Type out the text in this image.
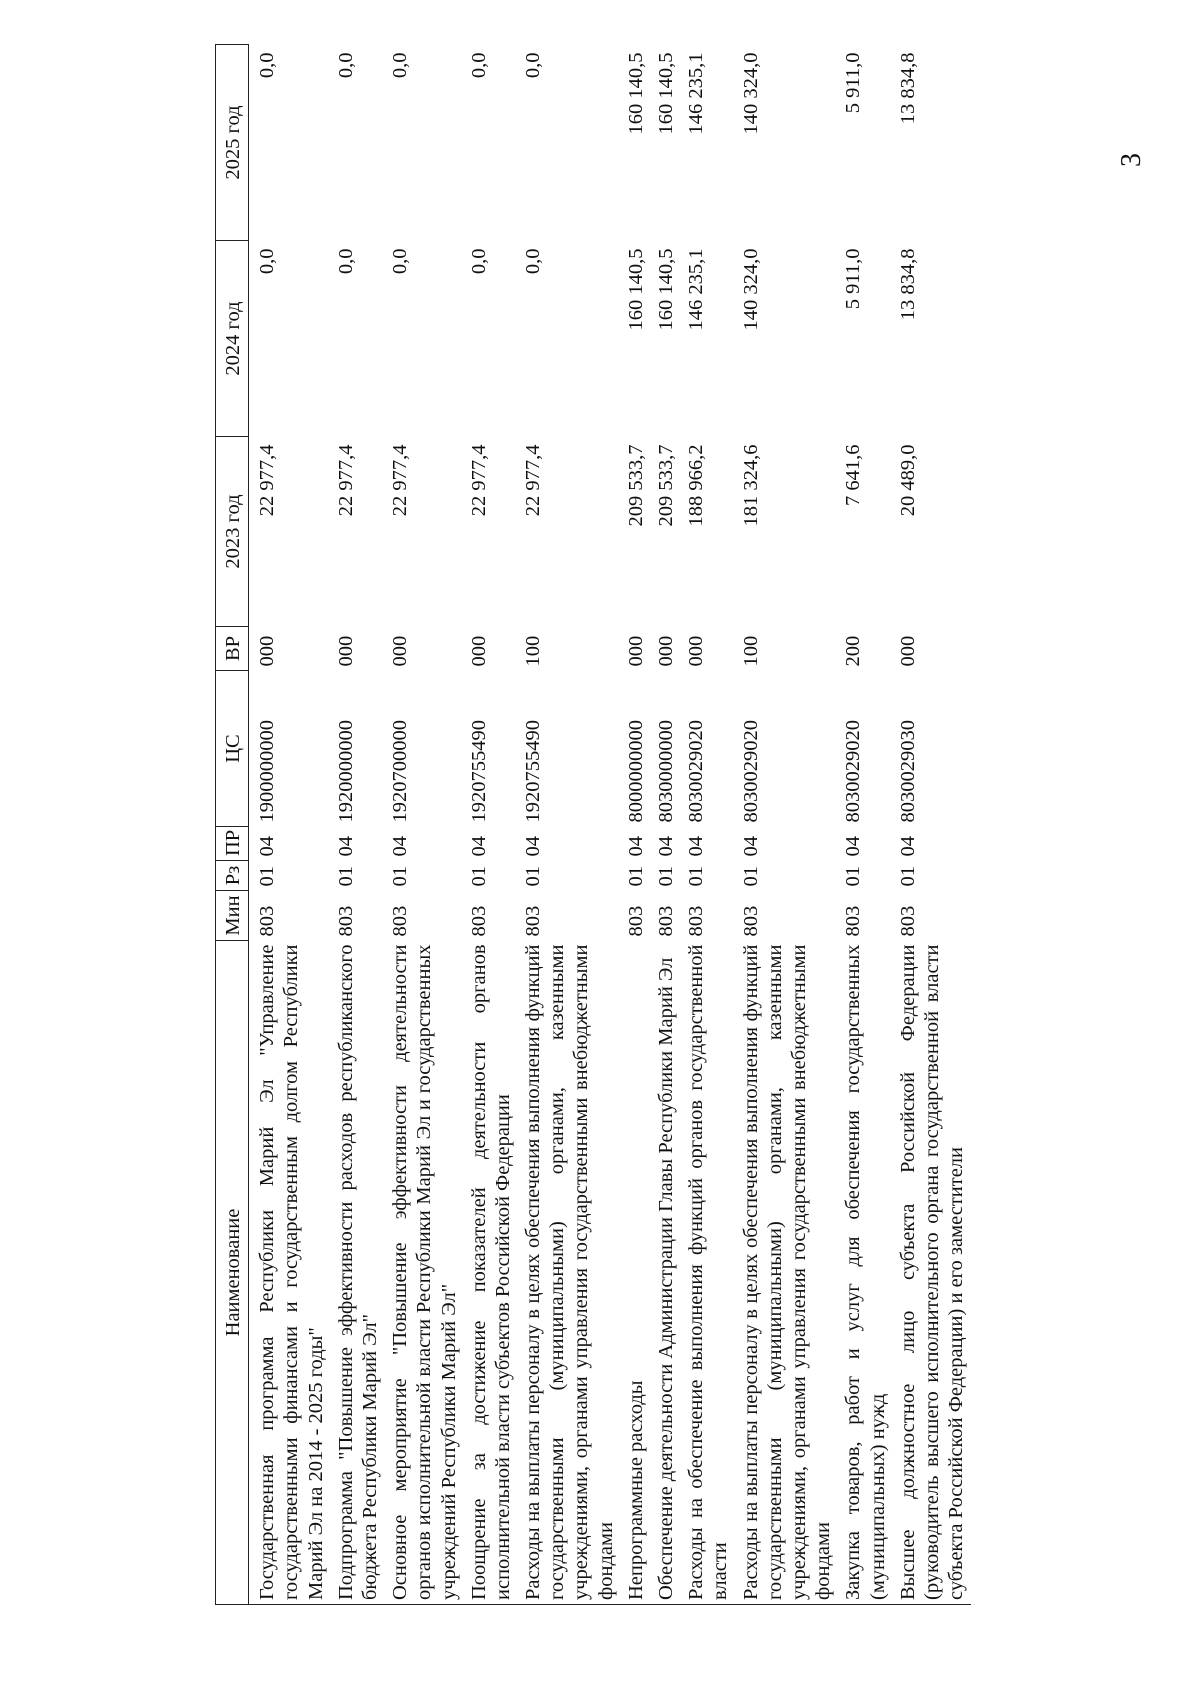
3
Наименование	Мин	Рз	ПР	ЦС	ВР	2023 год	2024 год	2025 год
Государственная программа Республики Марий Эл "Управление государственными финансами и государственным долгом Республики Марий Эл на 2014 - 2025 годы"	803	01	04	1900000000	000	22 977,4	0,0	0,0
Подпрограмма "Повышение эффективности расходов республиканского бюджета Республики Марий Эл"	803	01	04	1920000000	000	22 977,4	0,0	0,0
Основное мероприятие "Повышение эффективности деятельности органов исполнительной власти Республики Марий Эл и государственных учреждений Республики Марий Эл"	803	01	04	1920700000	000	22 977,4	0,0	0,0
Поощрение за достижение показателей деятельности органов исполнительной власти субъектов Российской Федерации	803	01	04	1920755490	000	22 977,4	0,0	0,0
Расходы на выплаты персоналу в целях обеспечения выполнения функций государственными (муниципальными) органами, казенными учреждениями, органами управления государственными внебюджетными фондами	803	01	04	1920755490	100	22 977,4	0,0	0,0
Непрограммные расходы	803	01	04	8000000000	000	209 533,7	160 140,5	160 140,5
Обеспечение деятельности Администрации Главы Республики Марий Эл	803	01	04	8030000000	000	209 533,7	160 140,5	160 140,5
Расходы на обеспечение выполнения функций органов государственной власти	803	01	04	8030029020	000	188 966,2	146 235,1	146 235,1
Расходы на выплаты персоналу в целях обеспечения выполнения функций государственными (муниципальными) органами, казенными учреждениями, органами управления государственными внебюджетными фондами	803	01	04	8030029020	100	181 324,6	140 324,0	140 324,0
Закупка товаров, работ и услуг для обеспечения государственных (муниципальных) нужд	803	01	04	8030029020	200	7 641,6	5 911,0	5 911,0
Высшее должностное лицо субъекта Российской Федерации (руководитель высшего исполнительного органа государственной власти субъекта Российской Федерации) и его заместители	803	01	04	8030029030	000	20 489,0	13 834,8	13 834,8
